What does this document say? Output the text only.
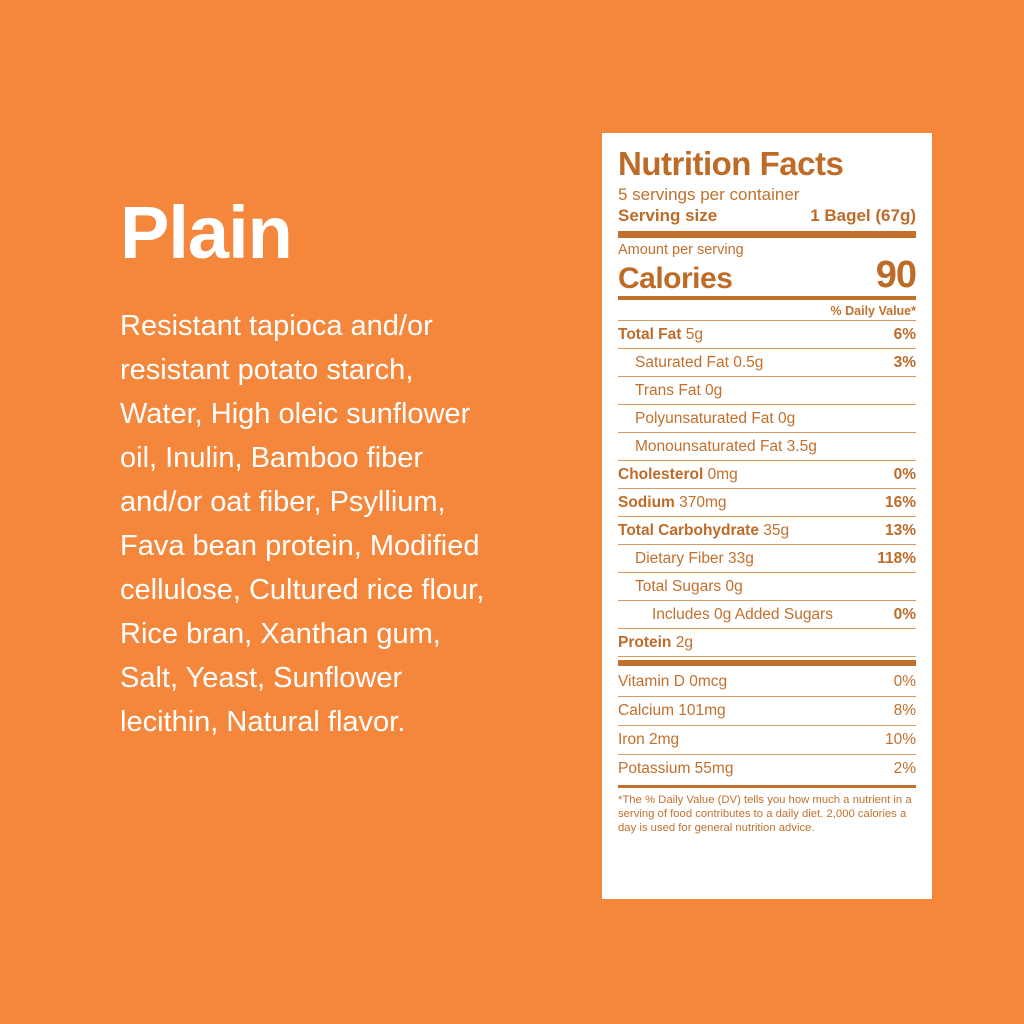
Plain

Resistant tapioca and/or resistant potato starch, Water, High oleic sunflower oil, Inulin, Bamboo fiber and/or oat fiber, Psyllium, Fava bean protein, Modified cellulose, Cultured rice flour, Rice bran, Xanthan gum, Salt, Yeast, Sunflower lecithin, Natural flavor.

Nutrition Facts
5 servings per container
Serving size	1 Bagel (67g)
Amount per serving
Calories	90
% Daily Value*
Total Fat 5g	6%
Saturated Fat 0.5g	3%
Trans Fat 0g
Polyunsaturated Fat 0g
Monounsaturated Fat 3.5g
Cholesterol 0mg	0%
Sodium 370mg	16%
Total Carbohydrate 35g	13%
Dietary Fiber 33g	118%
Total Sugars 0g
Includes 0g Added Sugars	0%
Protein 2g
Vitamin D 0mcg	0%
Calcium 101mg	8%
Iron 2mg	10%
Potassium 55mg	2%
*The % Daily Value (DV) tells you how much a nutrient in a serving of food contributes to a daily diet. 2,000 calories a day is used for general nutrition advice.
